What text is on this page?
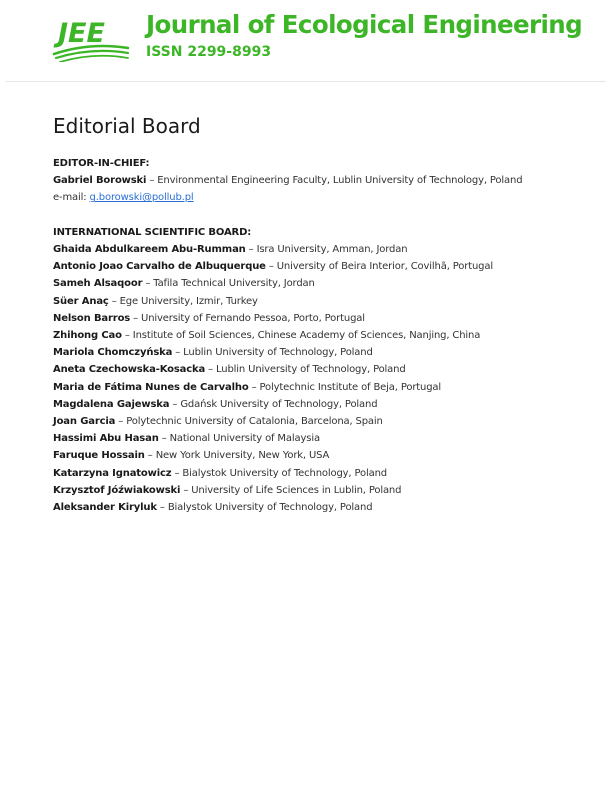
JEE Journal of Ecological Engineering
ISSN 2299-8993
Editorial Board
EDITOR-IN-CHIEF:
Gabriel Borowski – Environmental Engineering Faculty, Lublin University of Technology, Poland
e-mail: g.borowski@pollub.pl
INTERNATIONAL SCIENTIFIC BOARD:
Ghaida Abdulkareem Abu-Rumman – Isra University, Amman, Jordan
Antonio Joao Carvalho de Albuquerque – University of Beira Interior, Covilhã, Portugal
Sameh Alsaqoor – Tafila Technical University, Jordan
Süer Anaç – Ege University, Izmir, Turkey
Nelson Barros – University of Fernando Pessoa, Porto, Portugal
Zhihong Cao – Institute of Soil Sciences, Chinese Academy of Sciences, Nanjing, China
Mariola Chomczyńska – Lublin University of Technology, Poland
Aneta Czechowska-Kosacka – Lublin University of Technology, Poland
Maria de Fátima Nunes de Carvalho – Polytechnic Institute of Beja, Portugal
Magdalena Gajewska – Gdańsk University of Technology, Poland
Joan Garcia – Polytechnic University of Catalonia, Barcelona, Spain
Hassimi Abu Hasan – National University of Malaysia
Faruque Hossain – New York University, New York, USA
Katarzyna Ignatowicz – Bialystok University of Technology, Poland
Krzysztof Jóźwiakowski – University of Life Sciences in Lublin, Poland
Aleksander Kiryluk – Bialystok University of Technology, Poland
